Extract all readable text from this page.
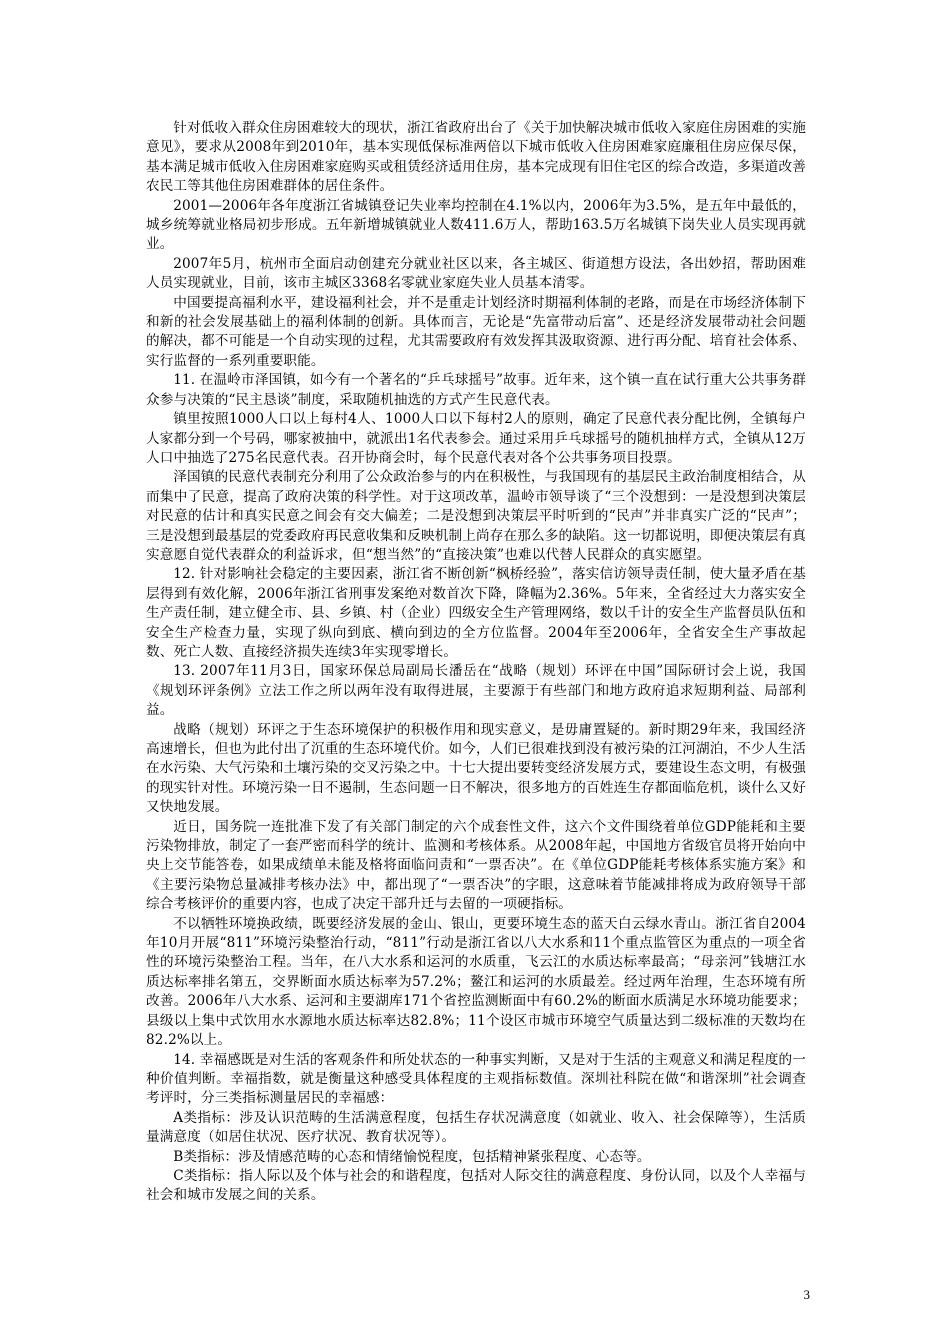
针对低收入群众住房困难较大的现状，浙江省政府出台了《关于加快解决城市低收入家庭住房困难的实施意见》，要求从2008年到2010年，基本实现低保标准两倍以下城市低收入住房困难家庭廉租住房应保尽保，基本满足城市低收入住房困难家庭购买或租赁经济适用住房，基本完成现有旧住宅区的综合改造，多渠道改善农民工等其他住房困难群体的居住条件。

2001—2006年各年度浙江省城镇登记失业率均控制在4.1%以内，2006年为3.5%，是五年中最低的，城乡统筹就业格局初步形成。五年新增城镇就业人数411.6万人，帮助163.5万名城镇下岗失业人员实现再就业。

2007年5月，杭州市全面启动创建充分就业社区以来，各主城区、街道想方设法，各出妙招，帮助困难人员实现就业，目前，该市主城区3368名零就业家庭失业人员基本清零。

中国要提高福利水平，建设福利社会，并不是重走计划经济时期福利体制的老路，而是在市场经济体制下和新的社会发展基础上的福利体制的创新。具体而言，无论是“先富带动后富”、还是经济发展带动社会问题的解决，都不可能是一个自动实现的过程，尤其需要政府有效发挥其汲取资源、进行再分配、培育社会体系、实行监督的一系列重要职能。

11. 在温岭市泽国镇，如今有一个著名的“乒乓球摇号”故事。近年来，这个镇一直在试行重大公共事务群众参与决策的“民主恳谈”制度，采取随机抽选的方式产生民意代表。

镇里按照1000人口以上每村4人、1000人口以下每村2人的原则，确定了民意代表分配比例，全镇每户人家都分到一个号码，哪家被抽中，就派出1名代表参会。通过采用乒乓球摇号的随机抽样方式，全镇从12万人口中抽选了275名民意代表。召开协商会时，每个民意代表对各个公共事务项目投票。

泽国镇的民意代表制充分利用了公众政治参与的内在积极性，与我国现有的基层民主政治制度相结合，从而集中了民意，提高了政府决策的科学性。对于这项改革，温岭市领导谈了“三个没想到：一是没想到决策层对民意的估计和真实民意之间会有交大偏差；二是没想到决策层平时听到的“民声”并非真实广泛的“民声”；三是没想到最基层的党委政府再民意收集和反映机制上尚存在那么多的缺陷。这一切都说明，即便决策层有真实意愿自觉代表群众的利益诉求，但“想当然”的“直接决策”也难以代替人民群众的真实愿望。

12. 针对影响社会稳定的主要因素，浙江省不断创新“枫桥经验”，落实信访领导责任制，使大量矛盾在基层得到有效化解，2006年浙江省刑事发案绝对数首次下降，降幅为2.36%。5年来，全省经过大力落实安全生产责任制，建立健全市、县、乡镇、村（企业）四级安全生产管理网络，数以千计的安全生产监督员队伍和安全生产检查力量，实现了纵向到底、横向到边的全方位监督。2004年至2006年，全省安全生产事故起数、死亡人数、直接经济损失连续3年实现零增长。

13. 2007年11月3日，国家环保总局副局长潘岳在“战略（规划）环评在中国”国际研讨会上说，我国《规划环评条例》立法工作之所以两年没有取得进展，主要源于有些部门和地方政府追求短期利益、局部利益。

战略（规划）环评之于生态环境保护的积极作用和现实意义，是毋庸置疑的。新时期29年来，我国经济高速增长，但也为此付出了沉重的生态环境代价。如今，人们已很难找到没有被污染的江河湖泊，不少人生活在水污染、大气污染和土壤污染的交叉污染之中。十七大提出要转变经济发展方式，要建设生态文明，有极强的现实针对性。环境污染一日不遏制，生态问题一日不解决，很多地方的百姓连生存都面临危机，谈什么又好又快地发展。

近日，国务院一连批准下发了有关部门制定的六个成套性文件，这六个文件围绕着单位GDP能耗和主要污染物排放，制定了一套严密而科学的统计、监测和考核体系。从2008年起，中国地方省级官员将开始向中央上交节能答卷，如果成绩单未能及格将面临问责和“一票否决”。在《单位GDP能耗考核体系实施方案》和《主要污染物总量减排考核办法》中，都出现了“一票否决”的字眼，这意味着节能减排将成为政府领导干部综合考核评价的重要内容，也成了决定干部升迁与去留的一项硬指标。

不以牺牲环境换政绩，既要经济发展的金山、银山，更要环境生态的蓝天白云绿水青山。浙江省自2004年10月开展“811”环境污染整治行动，“811”行动是浙江省以八大水系和11个重点监管区为重点的一项全省性的环境污染整治工程。当年，在八大水系和运河的水质重，飞云江的水质达标率最高；“母亲河”钱塘江水质达标率排名第五，交界断面水质达标率为57.2%；鳌江和运河的水质最差。经过两年治理，生态环境有所改善。2006年八大水系、运河和主要湖库171个省控监测断面中有60.2%的断面水质满足水环境功能要求；县级以上集中式饮用水水源地水质达标率达82.8%；11个设区市城市环境空气质量达到二级标准的天数均在82.2%以上。

14. 幸福感既是对生活的客观条件和所处状态的一种事实判断，又是对于生活的主观意义和满足程度的一种价值判断。幸福指数，就是衡量这种感受具体程度的主观指标数值。深圳社科院在做“和谐深圳”社会调查考评时，分三类指标测量居民的幸福感：

A类指标：涉及认识范畴的生活满意程度，包括生存状况满意度（如就业、收入、社会保障等），生活质量满意度（如居住状况、医疗状况、教育状况等）。

B类指标：涉及情感范畴的心态和情绪愉悦程度，包括精神紧张程度、心态等。

C类指标：指人际以及个体与社会的和谐程度，包括对人际交往的满意程度、身份认同，以及个人幸福与社会和城市发展之间的关系。

3
